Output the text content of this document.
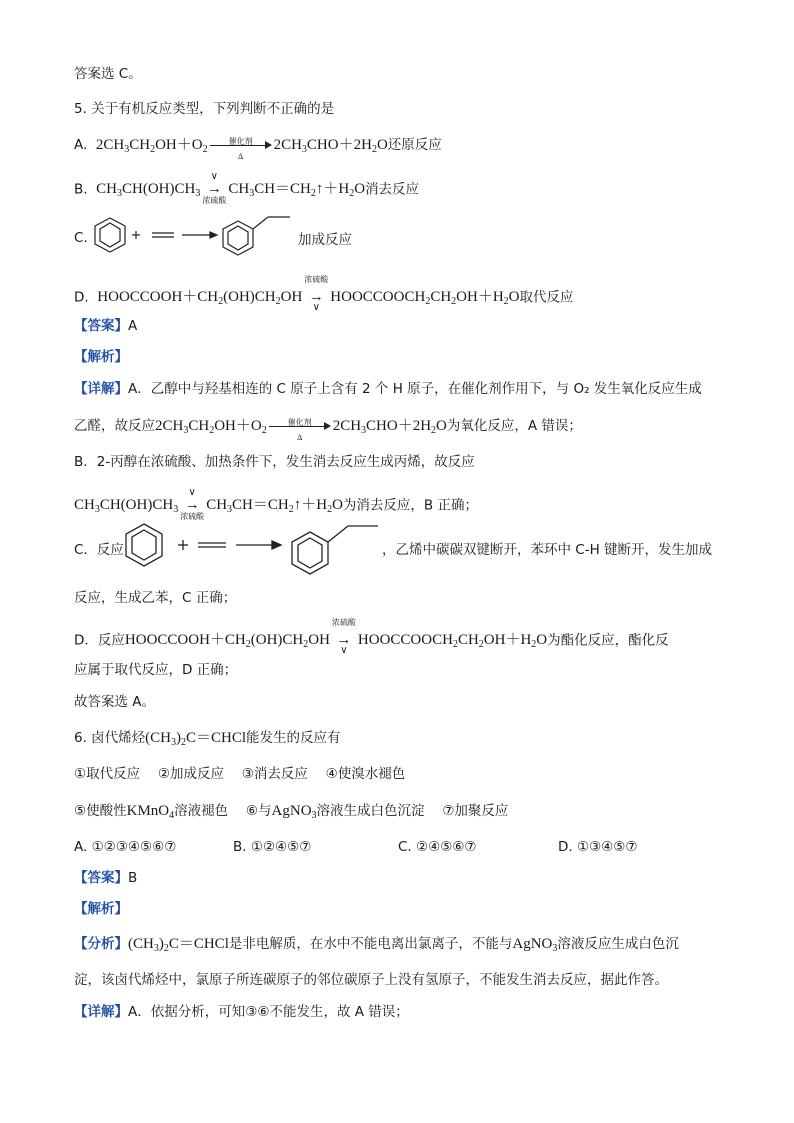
答案选 C。
5. 关于有机反应类型，下列判断不正确的是
A. $2CH_3CH_2OH+O_2$
催化剂
Δ
$2CH_3CHO+2H_2O$还原反应
B. $CH_3CH(OH)CH_3$
∨
→
浓硫酸
$CH_3CH=CH_2↑+H_2O$消去反应
C.	加成反应
D. $HOOCCOOH+CH_2(OH)CH_2OH$
浓硫酸
→
∨
$HOOCCOOCH_2CH_2OH+H_2O$取代反应
【答案】A
【解析】
【详解】A．乙醇中与羟基相连的 C 原子上含有 2 个 H 原子，在催化剂作用下，与 O₂ 发生氧化反应生成
乙醛，故反应$2CH_3CH_2OH+O_2$
催化剂
Δ
$2CH_3CHO+2H_2O$为氧化反应，A 错误；
B．2-丙醇在浓硫酸、加热条件下，发生消去反应生成丙烯，故反应
$CH_3CH(OH)CH_3$
∨
→
浓硫酸
$CH_3CH=CH_2↑+H_2O$为消去反应，B 正确；
C．反应	，乙烯中碳碳双键断开，苯环中 C-H 键断开，发生加成
反应，生成乙苯，C 正确；
D．反应$HOOCCOOH+CH_2(OH)CH_2OH$
浓硫酸
→
∨
$HOOCCOOCH_2CH_2OH+H_2O$为酯化反应，酯化反
应属于取代反应，D 正确；
故答案选 A。
6. 卤代烯烃$(CH_3)_2C=CHCl$能发生的反应有
①取代反应　 ②加成反应　 ③消去反应　 ④使溴水褪色
⑤使酸性KMnO$_4$溶液褪色　 ⑥与AgNO$_3$溶液生成白色沉淀　 ⑦加聚反应
A. ①②③④⑤⑥⑦	B. ①②④⑤⑦	C. ②④⑤⑥⑦	D. ①③④⑤⑦
【答案】B
【解析】
【分析】$(CH_3)_2C=CHCl$是非电解质，在水中不能电离出氯离子，不能与AgNO$_3$溶液反应生成白色沉
淀，该卤代烯烃中，氯原子所连碳原子的邻位碳原子上没有氢原子，不能发生消去反应，据此作答。
【详解】A．依据分析，可知③⑥不能发生，故 A 错误；
